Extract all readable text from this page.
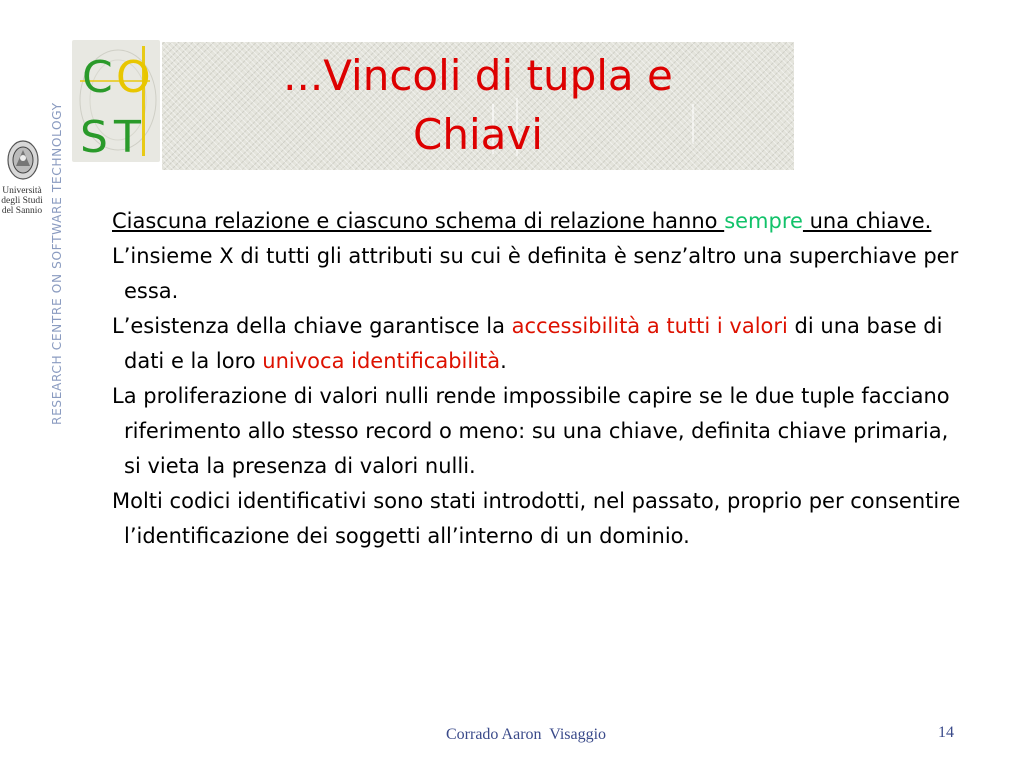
RESEARCH CENTRE ON SOFTWARE TECHNOLOGY
Università
degli Studi
del Sannio
C O
S T
...Vincoli di tupla e
Chiavi

Ciascuna relazione e ciascuno schema di relazione hanno sempre una chiave.

L’insieme X di tutti gli attributi su cui è definita è senz’altro una superchiave per essa.

L’esistenza della chiave garantisce la accessibilità a tutti i valori di una base di dati e la loro univoca identificabilità.

La proliferazione di valori nulli rende impossibile capire se le due tuple facciano riferimento allo stesso record o meno: su una chiave, definita chiave primaria, si vieta la presenza di valori nulli.

Molti codici identificativi sono stati introdotti, nel passato, proprio per consentire l’identificazione dei soggetti all’interno di un dominio.

Corrado Aaron  Visaggio	14
